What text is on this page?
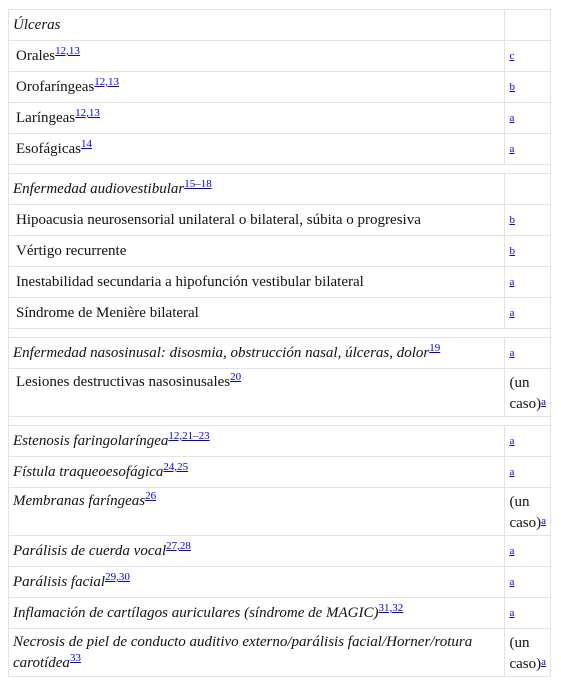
Úlceras	
Orales$^{12,13}$	c
Orofaríngeas$^{12,13}$	b
Laríngeas$^{12,13}$	a
Esofágicas$^{14}$	a

Enfermedad audiovestibular$^{15-18}$	
Hipoacusia neurosensorial unilateral o bilateral, súbita o progresiva	b
Vértigo recurrente	b
Inestabilidad secundaria a hipofunción vestibular bilateral	a
Síndrome de Menière bilateral	a

Enfermedad nasosinusal: disosmia, obstrucción nasal, úlceras, dolor$^{19}$	a
Lesiones destructivas nasosinusales$^{20}$	(un caso)$^a$

Estenosis faringolaríngea$^{12,21-23}$	a
Fístula traqueoesofágica$^{24,25}$	a
Membranas faríngeas$^{26}$	(un caso)$^a$
Parálisis de cuerda vocal$^{27,28}$	a
Parálisis facial$^{29,30}$	a
Inflamación de cartílagos auriculares (síndrome de MAGIC)$^{31,32}$	a
Necrosis de piel de conducto auditivo externo/parálisis facial/Horner/rotura carotídea$^{33}$	(un caso)$^a$
